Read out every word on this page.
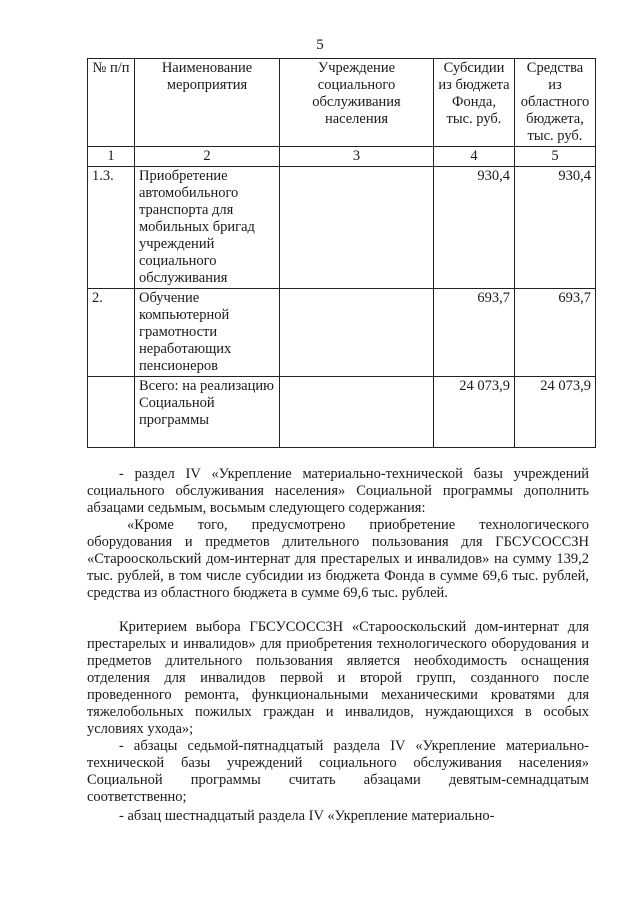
5
№ п/п	Наименование мероприятия	Учреждение социального обслуживания населения	Субсидии из бюджета Фонда, тыс. руб.	Средства из областного бюджета, тыс. руб.
1	2	3	4	5
1.3.	Приобретение автомобильного транспорта для мобильных бригад учреждений социального обслуживания		930,4	930,4
2.	Обучение компьютерной грамотности неработающих пенсионеров		693,7	693,7
	Всего: на реализацию Социальной программы		24 073,9	24 073,9

- раздел IV «Укрепление материально-технической базы учреждений социального обслуживания населения» Социальной программы дополнить абзацами седьмым, восьмым следующего содержания:

«Кроме того, предусмотрено приобретение технологического оборудования и предметов длительного пользования для ГБСУСОССЗН «Старооскольский дом-интернат для престарелых и инвалидов» на сумму 139,2 тыс. рублей, в том числе субсидии из бюджета Фонда в сумме 69,6 тыс. рублей, средства из областного бюджета в сумме 69,6 тыс. рублей.

Критерием выбора ГБСУСОССЗН «Старооскольский дом-интернат для престарелых и инвалидов» для приобретения технологического оборудования и предметов длительного пользования является необходимость оснащения отделения для инвалидов первой и второй групп, созданного после проведенного ремонта, функциональными механическими кроватями для тяжелобольных пожилых граждан и инвалидов, нуждающихся в особых условиях ухода»;

- абзацы седьмой-пятнадцатый раздела IV «Укрепление материально-технической базы учреждений социального обслуживания населения» Социальной программы считать абзацами девятым-семнадцатым соответственно;

- абзац шестнадцатый раздела IV «Укрепление материально-
